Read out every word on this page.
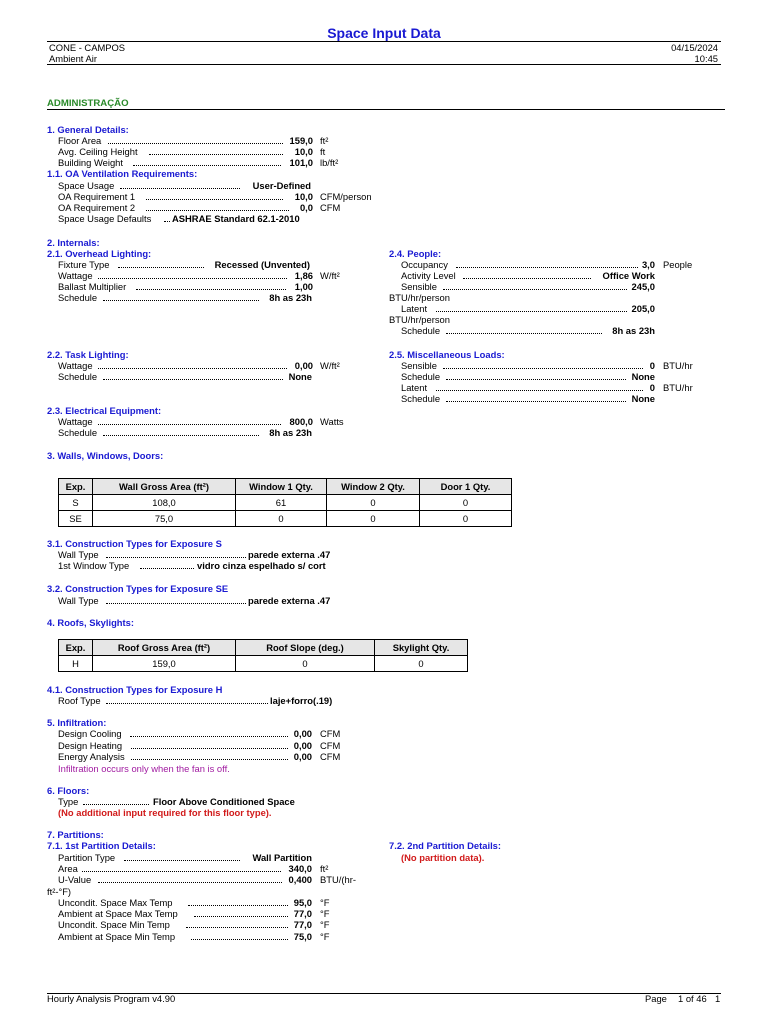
Space Input Data
CONE - CAMPOS
Ambient Air
04/15/2024
10:45
ADMINISTRAÇÃO
1. General Details:
Floor Area	159,0 ft²
Avg. Ceiling Height	10,0 ft
Building Weight	101,0 lb/ft²
1.1. OA Ventilation Requirements:
Space Usage	User-Defined
OA Requirement 1	10,0 CFM/person
OA Requirement 2	0,0 CFM
Space Usage Defaults ASHRAE Standard 62.1-2010
2. Internals:
2.1. Overhead Lighting:
Fixture Type	Recessed (Unvented)
Wattage	1,86 W/ft²
Ballast Multiplier	1,00
Schedule	8h as 23h
2.4. People:
Occupancy	3,0 People
Activity Level	Office Work
Sensible	245,0
BTU/hr/person
Latent	205,0
BTU/hr/person
Schedule	8h as 23h
2.2. Task Lighting:
Wattage	0,00 W/ft²
Schedule	None
2.5. Miscellaneous Loads:
Sensible	0 BTU/hr
Schedule	None
Latent	0 BTU/hr
Schedule	None
2.3. Electrical Equipment:
Wattage	800,0 Watts
Schedule	8h as 23h
3. Walls, Windows, Doors:
Exp.	Wall Gross Area (ft²)	Window 1 Qty.	Window 2 Qty.	Door 1 Qty.
S	108,0	61	0	0
SE	75,0	0	0	0
3.1. Construction Types for Exposure S
Wall Type	parede externa .47
1st Window Type	vidro cinza espelhado s/ cort
3.2. Construction Types for Exposure SE
Wall Type	parede externa .47
4. Roofs, Skylights:
Exp.	Roof Gross Area (ft²)	Roof Slope (deg.)	Skylight Qty.
H	159,0	0	0
4.1. Construction Types for Exposure H
Roof Type	laje+forro(.19)
5. Infiltration:
Design Cooling	0,00 CFM
Design Heating	0,00 CFM
Energy Analysis	0,00 CFM
Infiltration occurs only when the fan is off.
6. Floors:
Type	Floor Above Conditioned Space
(No additional input required for this floor type).
7. Partitions:
7.1. 1st Partition Details:
Partition Type	Wall Partition
Area	340,0 ft²
U-Value	0,400 BTU/(hr-ft²-°F)
Uncondit. Space Max Temp	95,0 °F
Ambient at Space Max Temp	77,0 °F
Uncondit. Space Min Temp	77,0 °F
Ambient at Space Min Temp	75,0 °F
7.2. 2nd Partition Details:
(No partition data).
Hourly Analysis Program v4.90	Page 1 of 46 1
